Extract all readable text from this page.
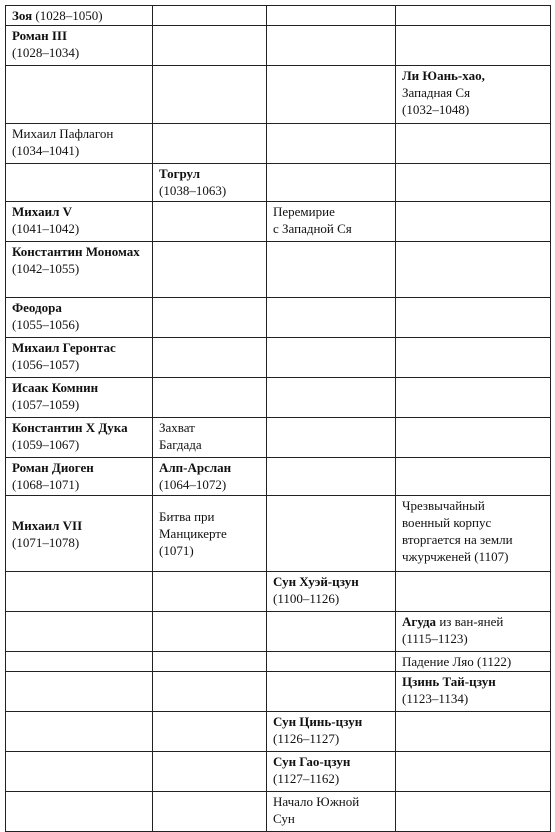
Зоя (1028–1050)			

Роман III
(1028–1034)			

			Ли Юань-хао,
Западная Ся
(1032–1048)

Михаил Пафлагон
(1034–1041)			

	Тогрул
(1038–1063)		

Михаил V
(1041–1042)		Перемирие
с Западной Ся	

Константин Мономах
(1042–1055)			

Феодора
(1055–1056)			

Михаил Геронтас
(1056–1057)			

Исаак Комнин
(1057–1059)			

Константин Х Дука
(1059–1067)	Захват
Багдада		

Роман Диоген
(1068–1071)	Алп-Арслан
(1064–1072)		

Михаил VII
(1071–1078)	Битва при
Манцикерте
(1071)		Чрезвычайный
военный корпус
вторгается на земли
чжурчженей (1107)

		Сун Хуэй-цзун
(1100–1126)	

			Агуда из ван-яней
(1115–1123)

			Падение Ляо (1122)

			Цзинь Тай-цзун
(1123–1134)

		Сун Цинь-цзун
(1126–1127)	

		Сун Гао-цзун
(1127–1162)	

		Начало Южной
Сун	
